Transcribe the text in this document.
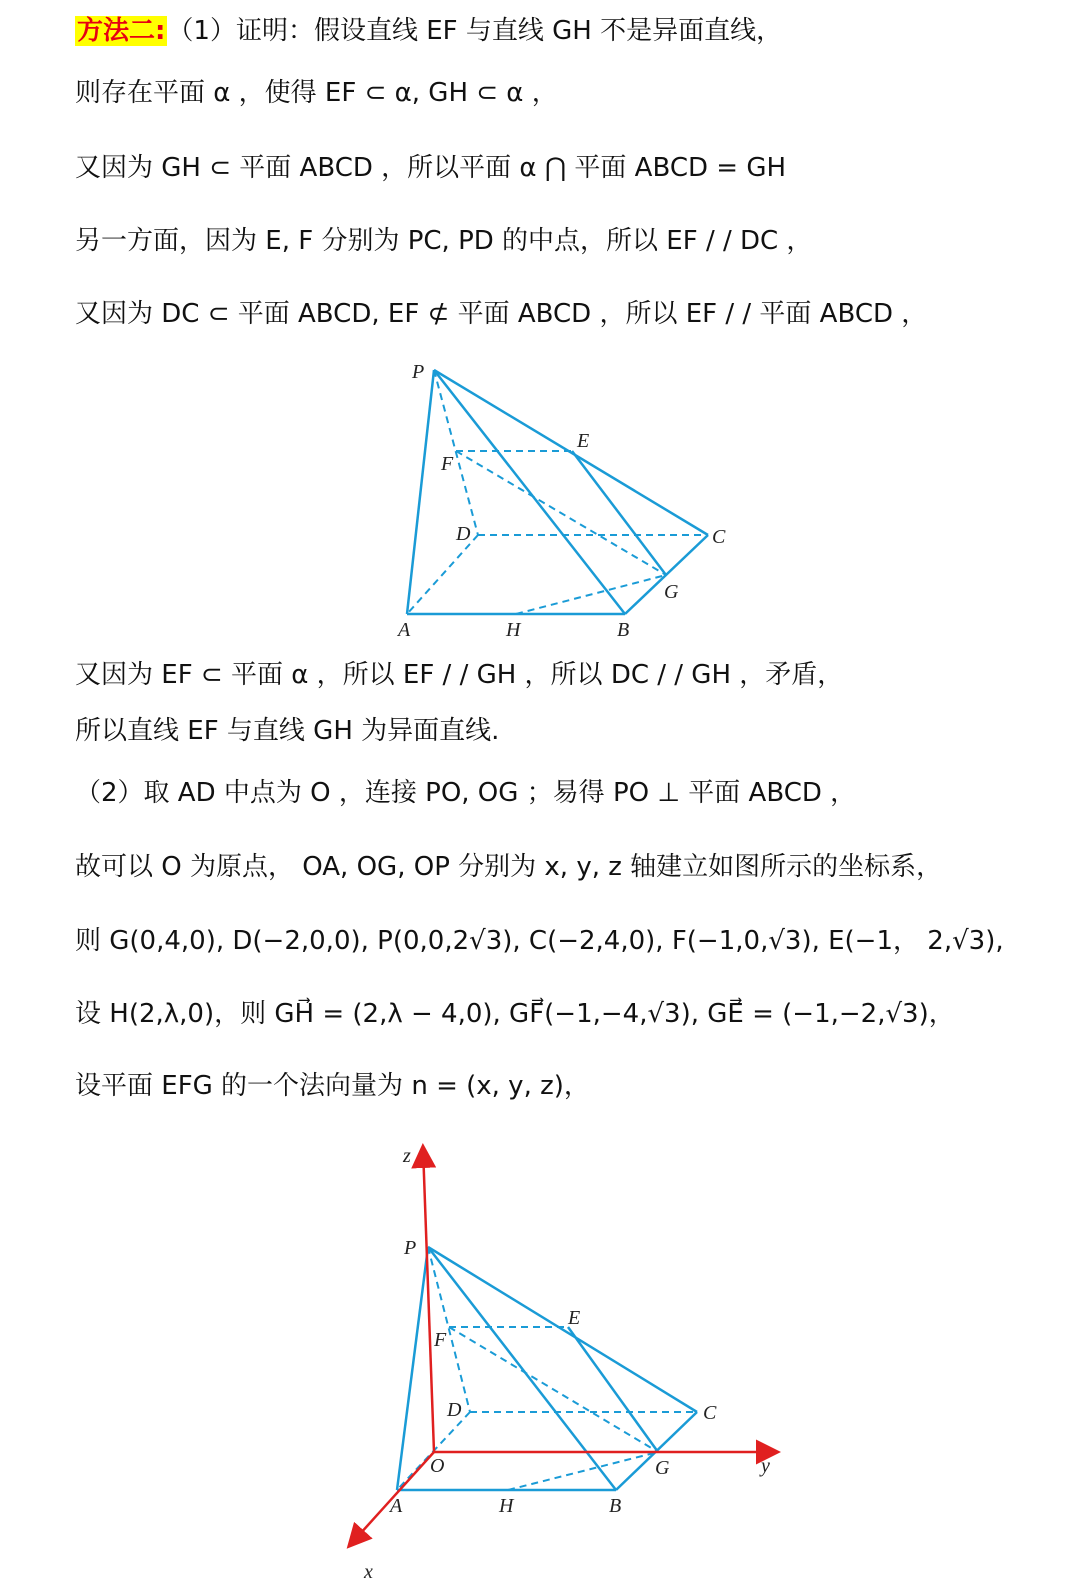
方法二:（1）证明：假设直线 EF 与直线 GH 不是异面直线，
则存在平面 α ，使得 EF ⊂ α, GH ⊂ α ，
又因为 GH ⊂ 平面 ABCD ，所以平面 α ⋂ 平面 ABCD = GH
另一方面，因为 E, F 分别为 PC, PD 的中点，所以 EF / / DC ，
又因为 DC ⊂ 平面 ABCD, EF ⊄ 平面 ABCD ，所以 EF / / 平面 ABCD ，
P
E
F
D	C
G
A	H	B
又因为 EF ⊂ 平面 α ，所以 EF / / GH ，所以 DC / / GH ，矛盾，
所以直线 EF 与直线 GH 为异面直线.
（2）取 AD 中点为 O ，连接 PO, OG ；易得 PO ⊥ 平面 ABCD ，
故可以 O 为原点， OA, OG, OP 分别为 x, y, z 轴建立如图所示的坐标系，
则 G(0,4,0), D(−2,0,0), P(0,0,2√3), C(−2,4,0), F(−1,0,√3), E(−1， 2,√3),
设 H(2,λ,0)，则 GH⃗ = (2,λ − 4,0), GF⃗(−1,−4,√3), GE⃗ = (−1,−2,√3)，
设平面 EFG 的一个法向量为 n = (x, y, z)，
z
P
E
F
D	C
O	G	y
A	H	B
x
